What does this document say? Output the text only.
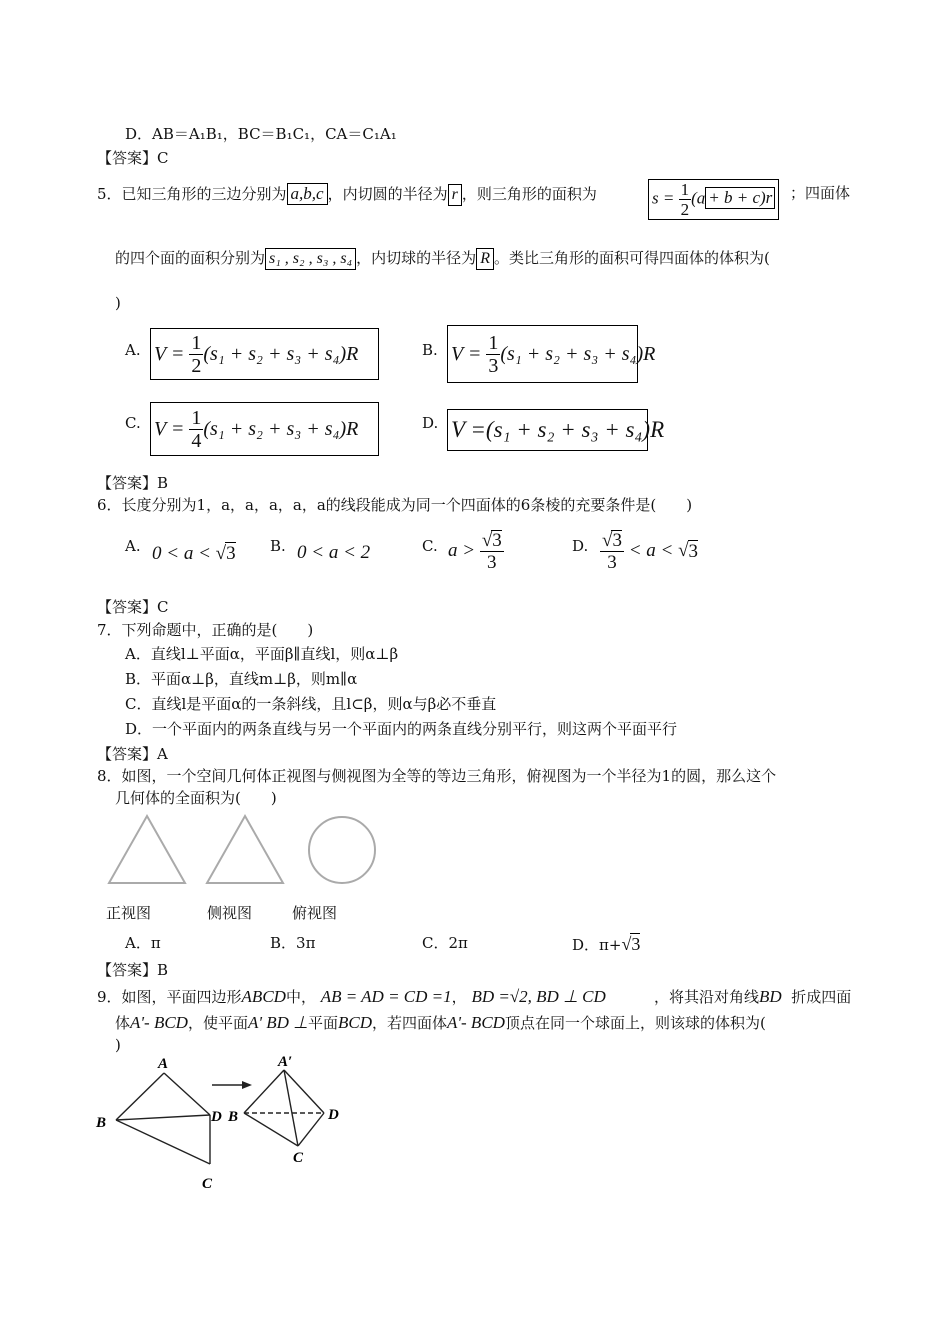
D．AB＝A₁B₁，BC＝B₁C₁，CA＝C₁A₁
【答案】C
5．已知三角形的三边分别为 a,b,c ，内切圆的半径为 r ，则三角形的面积为	$s = \frac{1}{2} (a + b + c)r$	；四面体
的四个面的面积分别为 s₁ , s₂ , s₃ , s₄ ，内切球的半径为 R 。类比三角形的面积可得四面体的体积为(
)
A. V =
$\frac{1}{2} (s_1 + s_2 + s_3 + s_4)R$	B. V =
$\frac{1}{3} (s_1 + s_2 + s_3 + s_4)R$
C. V =
$\frac{1}{4} (s_1 + s_2 + s_3 + s_4)R$	D. V =(s₁ + s₂ + s₃ + s₄)R
【答案】B
6．长度分别为1，a，a，a，a，a的线段能成为同一个四面体的6条棱的充要条件是(　　)
A. 0 < a < √3 B. 0 < a < 2	C. a >
$\frac{√3}{3}$	D. $\frac{√3}{3}$
< a < √ 3
【答案】C
7．下列命题中，正确的是(　　)
A．直线l⊥平面α，平面β∥直线l，则α⊥β
B．平面α⊥β，直线m⊥β，则m∥α
C．直线l是平面α的一条斜线，且l⊂β，则α与β必不垂直
D．一个平面内的两条直线与另一个平面内的两条直线分别平行，则这两个平面平行
【答案】A
8．如图，一个空间几何体正视图与侧视图为全等的等边三角形，俯视图为一个半径为1的圆，那么这个
几何体的全面积为(　　)
正视图	侧视图	俯视图
A．π	B．3π	C．2π	D．π+√3
【答案】B
9．如图，平面四边形ABCD中， AB = AD = CD =1， BD =√2, BD ⊥ CD	，将其沿对角线BD 折成四面
体A'- BCD，使平面A' BD ⊥平面BCD，若四面体A'- BCD顶点在同一个球面上，则该球的体积为(
)
A
B
C
D
A′
B
C
D
